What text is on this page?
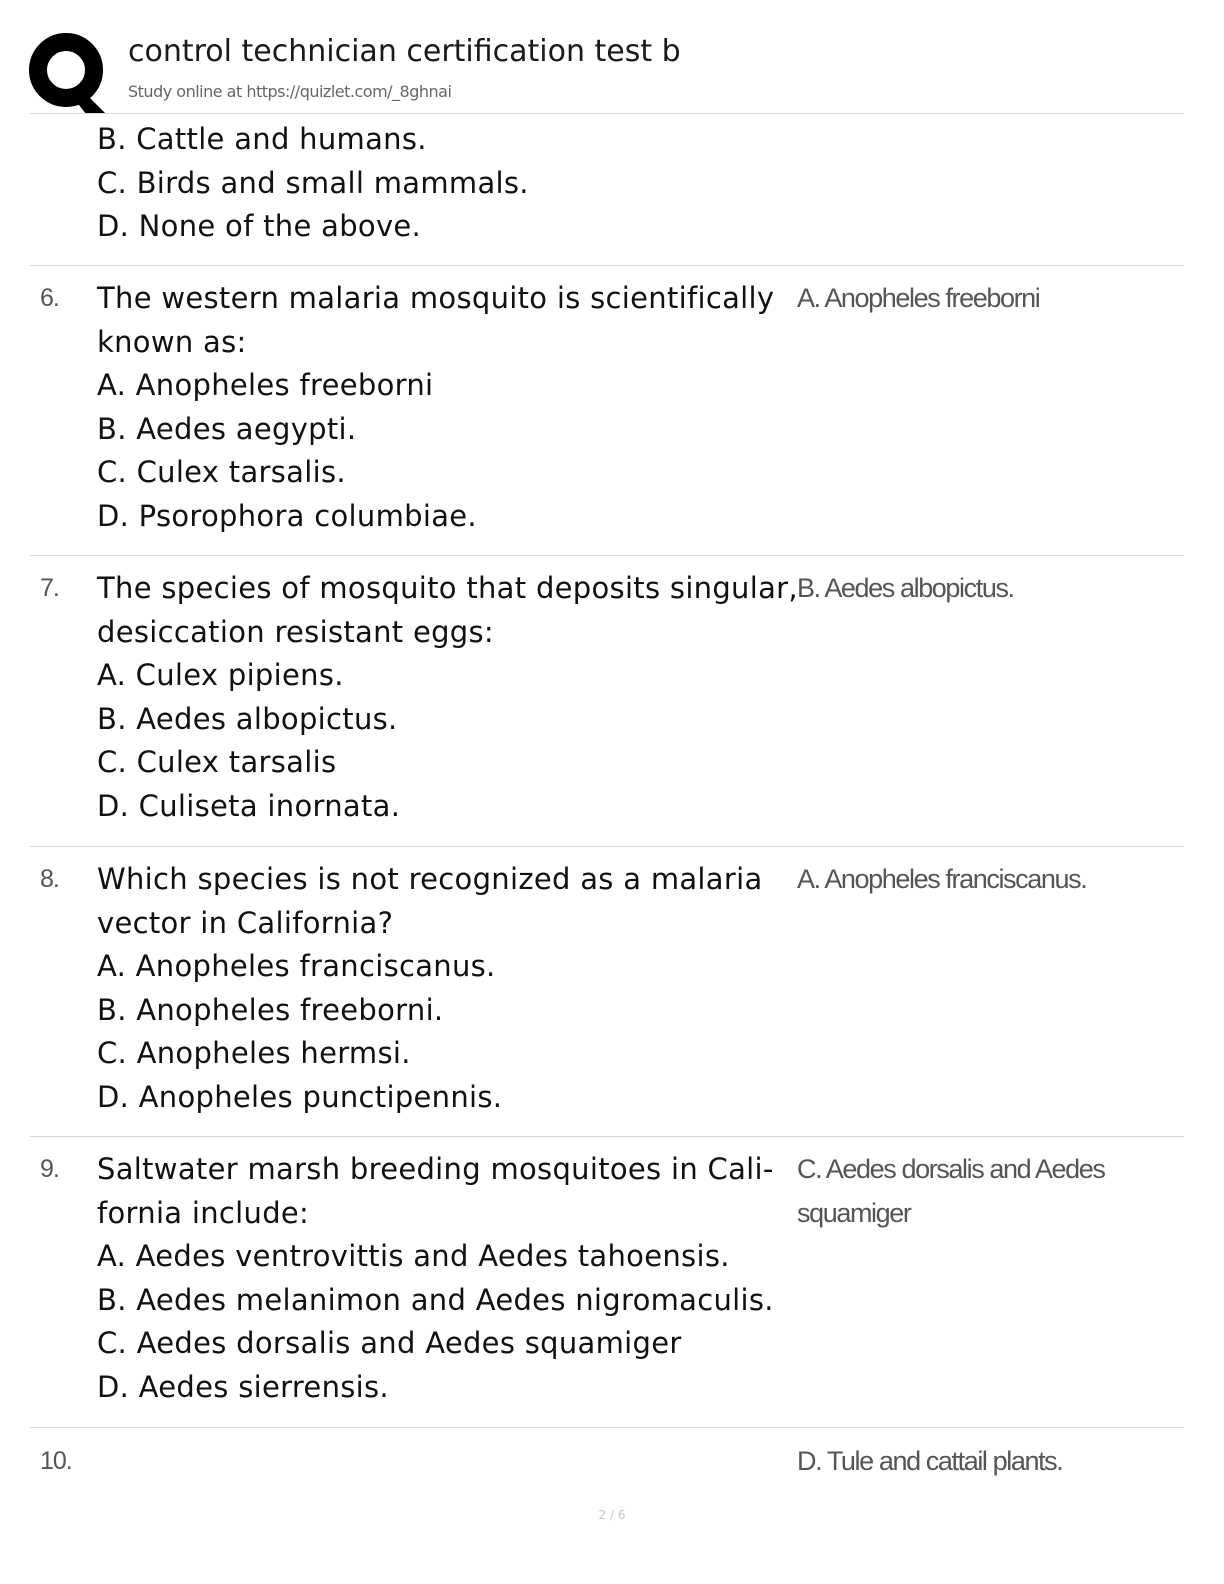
control technician certification test b
Study online at https://quizlet.com/_8ghnai
B. Cattle and humans.
C. Birds and small mammals.
D. None of the above.
6. The western malaria mosquito is scientifically
known as:
A. Anopheles freeborni
B. Aedes aegypti.
C. Culex tarsalis.
D. Psorophora columbiae.
A. Anopheles freeborni
7. The species of mosquito that deposits singular,
desiccation resistant eggs:
A. Culex pipiens.
B. Aedes albopictus.
C. Culex tarsalis
D. Culiseta inornata.
B. Aedes albopictus.
8. Which species is not recognized as a malaria
vector in California?
A. Anopheles franciscanus.
B. Anopheles freeborni.
C. Anopheles hermsi.
D. Anopheles punctipennis.
A. Anopheles franciscanus.
9. Saltwater marsh breeding mosquitoes in Cali-
fornia include:
A. Aedes ventrovittis and Aedes tahoensis.
B. Aedes melanimon and Aedes nigromaculis.
C. Aedes dorsalis and Aedes squamiger
D. Aedes sierrensis.
C. Aedes dorsalis and Aedes
squamiger
10.	D. Tule and cattail plants.
2 / 6
